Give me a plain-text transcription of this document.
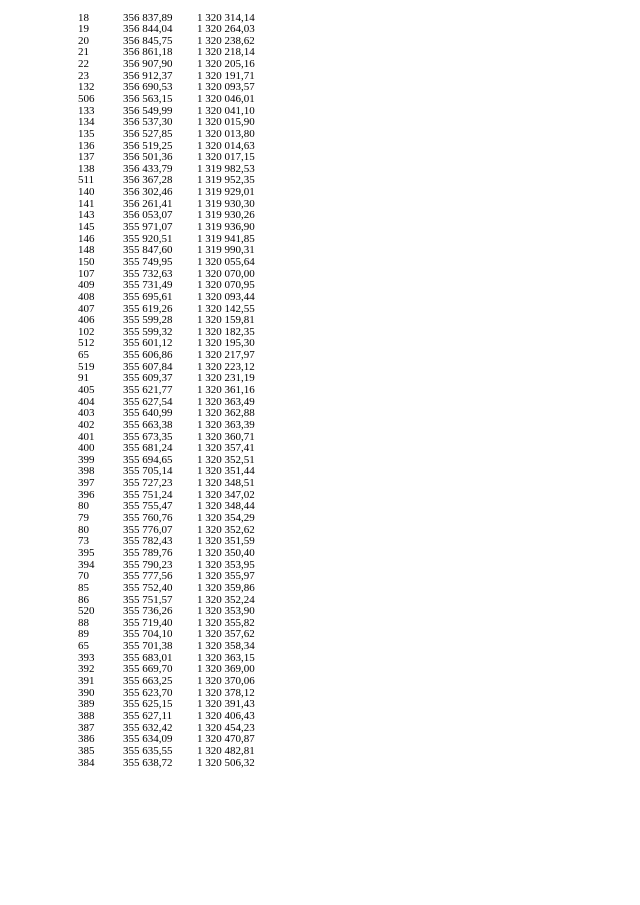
18	356 837,89 1 320 314,14
19	356 844,04 1 320 264,03
20	356 845,75 1 320 238,62
21	356 861,18 1 320 218,14
22	356 907,90 1 320 205,16
23	356 912,37 1 320 191,71
132	356 690,53 1 320 093,57
506	356 563,15 1 320 046,01
133	356 549,99 1 320 041,10
134	356 537,30 1 320 015,90
135	356 527,85 1 320 013,80
136	356 519,25 1 320 014,63
137	356 501,36 1 320 017,15
138	356 433,79 1 319 982,53
511	356 367,28 1 319 952,35
140	356 302,46 1 319 929,01
141	356 261,41 1 319 930,30
143	356 053,07 1 319 930,26
145	355 971,07 1 319 936,90
146	355 920,51 1 319 941,85
148	355 847,60 1 319 990,31
150	355 749,95 1 320 055,64
107	355 732,63 1 320 070,00
409	355 731,49 1 320 070,95
408	355 695,61 1 320 093,44
407	355 619,26 1 320 142,55
406	355 599,28 1 320 159,81
102	355 599,32 1 320 182,35
512	355 601,12 1 320 195,30
65	355 606,86 1 320 217,97
519	355 607,84 1 320 223,12
91	355 609,37 1 320 231,19
405	355 621,77 1 320 361,16
404	355 627,54 1 320 363,49
403	355 640,99 1 320 362,88
402	355 663,38 1 320 363,39
401	355 673,35 1 320 360,71
400	355 681,24 1 320 357,41
399	355 694,65 1 320 352,51
398	355 705,14 1 320 351,44
397	355 727,23 1 320 348,51
396	355 751,24 1 320 347,02
80	355 755,47 1 320 348,44
79	355 760,76 1 320 354,29
80	355 776,07 1 320 352,62
73	355 782,43 1 320 351,59
395	355 789,76 1 320 350,40
394	355 790,23 1 320 353,95
70	355 777,56 1 320 355,97
85	355 752,40 1 320 359,86
86	355 751,57 1 320 352,24
520	355 736,26 1 320 353,90
88	355 719,40 1 320 355,82
89	355 704,10 1 320 357,62
65	355 701,38 1 320 358,34
393	355 683,01 1 320 363,15
392	355 669,70 1 320 369,00
391	355 663,25 1 320 370,06
390	355 623,70 1 320 378,12
389	355 625,15 1 320 391,43
388	355 627,11 1 320 406,43
387	355 632,42 1 320 454,23
386	355 634,09 1 320 470,87
385	355 635,55 1 320 482,81
384	355 638,72 1 320 506,32
